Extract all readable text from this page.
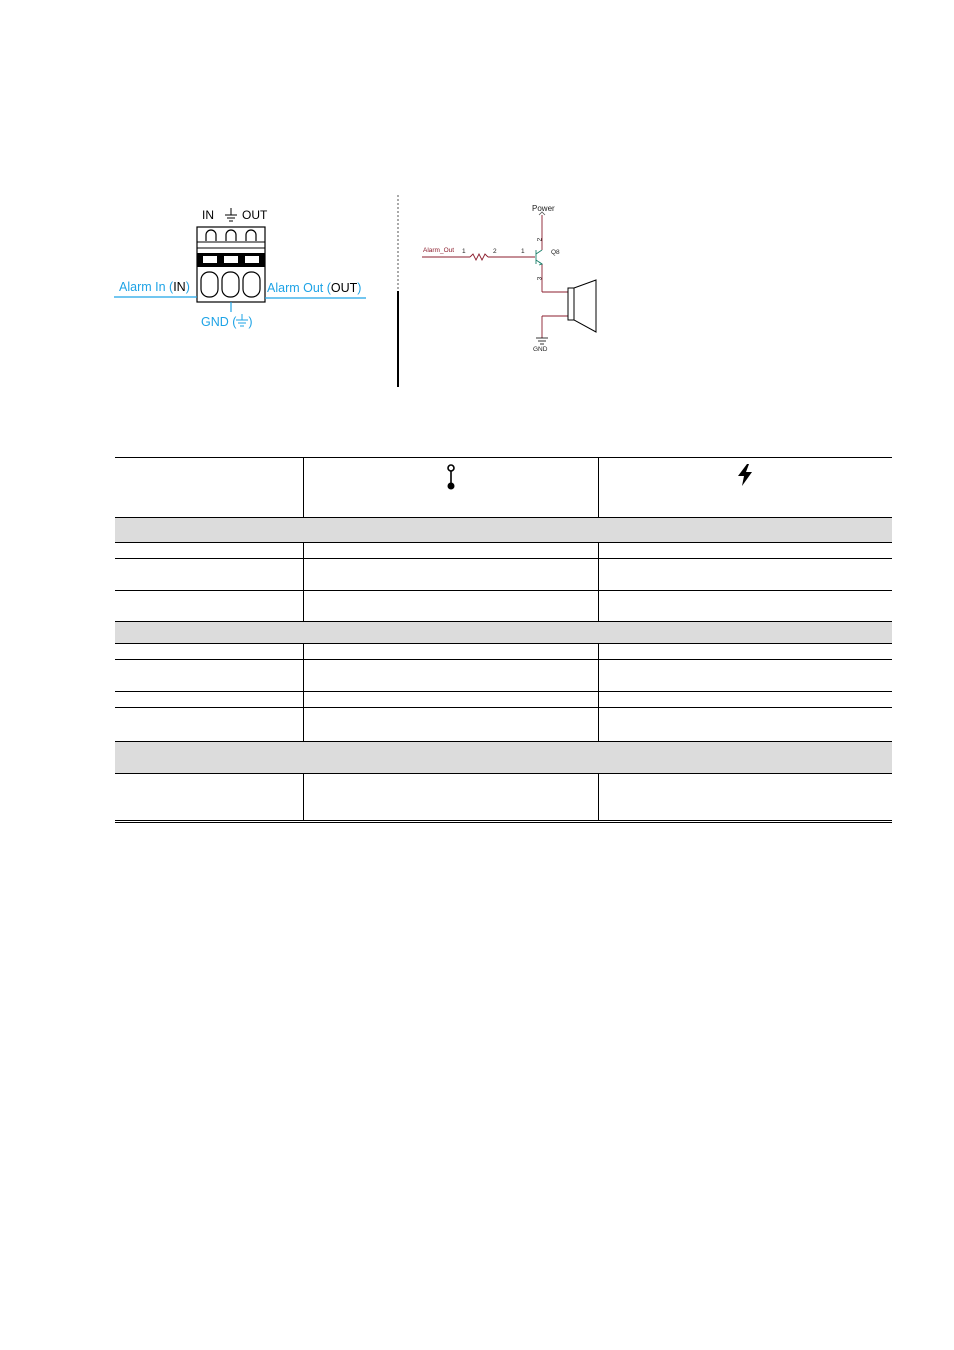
IN OUT
Alarm In (IN)	Alarm Out (OUT)
GND ( )
Power
Alarm_Out 1	2	1
2
3
Q8
GND
